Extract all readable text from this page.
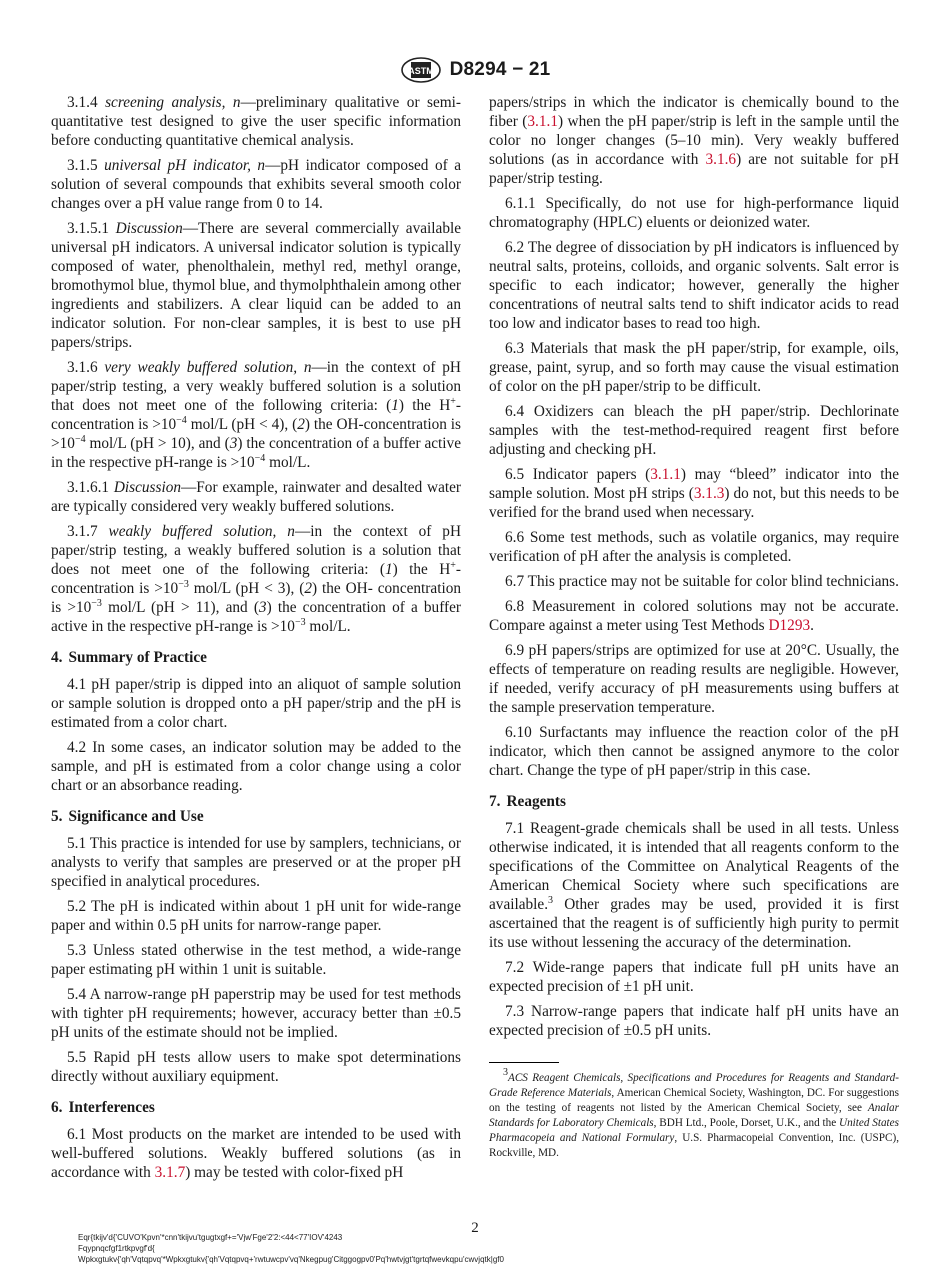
ASTM D8294 − 21

3.1.4 screening analysis, n—preliminary qualitative or semi-quantitative test designed to give the user specific information before conducting quantitative chemical analysis.

3.1.5 universal pH indicator, n—pH indicator composed of a solution of several compounds that exhibits several smooth color changes over a pH value range from 0 to 14.

3.1.5.1 Discussion—There are several commercially available universal pH indicators. A universal indicator solution is typically composed of water, phenolthalein, methyl red, methyl orange, bromothymol blue, thymol blue, and thymolphthalein among other ingredients and stabilizers. A clear liquid can be added to an indicator solution. For non-clear samples, it is best to use pH papers/strips.

3.1.6 very weakly buffered solution, n—in the context of pH paper/strip testing, a very weakly buffered solution is a solution that does not meet one of the following criteria: (1) the H+-concentration is $>10^{-4}$ mol/L (pH < 4), (2) the OH-concentration is $>10^{-4}$ mol/L (pH > 10), and (3) the concentration of a buffer active in the respective pH-range is $>10^{-4}$ mol/L.

3.1.6.1 Discussion—For example, rainwater and desalted water are typically considered very weakly buffered solutions.

3.1.7 weakly buffered solution, n—in the context of pH paper/strip testing, a weakly buffered solution is a solution that does not meet one of the following criteria: (1) the H+-concentration is $>10^{-3}$ mol/L (pH < 3), (2) the OH- concentration is $>10^{-3}$ mol/L (pH > 11), and (3) the concentration of a buffer active in the respective pH-range is $>10^{-3}$ mol/L.

4. Summary of Practice

4.1 pH paper/strip is dipped into an aliquot of sample solution or sample solution is dropped onto a pH paper/strip and the pH is estimated from a color chart.

4.2 In some cases, an indicator solution may be added to the sample, and pH is estimated from a color change using a color chart or an absorbance reading.

5. Significance and Use

5.1 This practice is intended for use by samplers, technicians, or analysts to verify that samples are preserved or at the proper pH specified in analytical procedures.

5.2 The pH is indicated within about 1 pH unit for wide-range paper and within 0.5 pH units for narrow-range paper.

5.3 Unless stated otherwise in the test method, a wide-range paper estimating pH within 1 unit is suitable.

5.4 A narrow-range pH paperstrip may be used for test methods with tighter pH requirements; however, accuracy better than ±0.5 pH units of the estimate should not be implied.

5.5 Rapid pH tests allow users to make spot determinations directly without auxiliary equipment.

6. Interferences

6.1 Most products on the market are intended to be used with well-buffered solutions. Weakly buffered solutions (as in accordance with 3.1.7) may be tested with color-fixed pH

papers/strips in which the indicator is chemically bound to the fiber (3.1.1) when the pH paper/strip is left in the sample until the color no longer changes (5–10 min). Very weakly buffered solutions (as in accordance with 3.1.6) are not suitable for pH paper/strip testing.

6.1.1 Specifically, do not use for high-performance liquid chromatography (HPLC) eluents or deionized water.

6.2 The degree of dissociation by pH indicators is influenced by neutral salts, proteins, colloids, and organic solvents. Salt error is specific to each indicator; however, generally the higher concentrations of neutral salts tend to shift indicator acids to read too low and indicator bases to read too high.

6.3 Materials that mask the pH paper/strip, for example, oils, grease, paint, syrup, and so forth may cause the visual estimation of color on the pH paper/strip to be difficult.

6.4 Oxidizers can bleach the pH paper/strip. Dechlorinate samples with the test-method-required reagent first before adjusting and checking pH.

6.5 Indicator papers (3.1.1) may “bleed” indicator into the sample solution. Most pH strips (3.1.3) do not, but this needs to be verified for the brand used when necessary.

6.6 Some test methods, such as volatile organics, may require verification of pH after the analysis is completed.

6.7 This practice may not be suitable for color blind technicians.

6.8 Measurement in colored solutions may not be accurate. Compare against a meter using Test Methods D1293.

6.9 pH papers/strips are optimized for use at 20°C. Usually, the effects of temperature on reading results are negligible. However, if needed, verify accuracy of pH measurements using buffers at the sample preservation temperature.

6.10 Surfactants may influence the reaction color of the pH indicator, which then cannot be assigned anymore to the color chart. Change the type of pH paper/strip in this case.

7. Reagents

7.1 Reagent-grade chemicals shall be used in all tests. Unless otherwise indicated, it is intended that all reagents conform to the specifications of the Committee on Analytical Reagents of the American Chemical Society where such specifications are available.$^3$ Other grades may be used, provided it is first ascertained that the reagent is of sufficiently high purity to permit its use without lessening the accuracy of the determination.

7.2 Wide-range papers that indicate full pH units have an expected precision of ±1 pH unit.

7.3 Narrow-range papers that indicate half pH units have an expected precision of ±0.5 pH units.

$^3$ACS Reagent Chemicals, Specifications and Procedures for Reagents and Standard-Grade Reference Materials, American Chemical Society, Washington, DC. For suggestions on the testing of reagents not listed by the American Chemical Society, see Analar Standards for Laboratory Chemicals, BDH Ltd., Poole, Dorset, U.K., and the United States Pharmacopeia and National Formulary, U.S. Pharmacopeial Convention, Inc. (USPC), Rockville, MD.

2
Eqr{tkijv'd{'CUVO'Kpvn'*cnn'tkijvu'tgugtxgf+='Vjw'Fge'2'2:<44<77'IOV'4243
Fqypnqcfgf1rtkpvgf'd{
Wpkxgtukv{'qh'Vqtqpvq'*Wpkxgtukv{'qh'Vqtqpvq+'rwtuwcpv'vq'Nkegpug'Citggogpv0'Pq'hwtvjgt'tgrtqfwevkqpu'cwvjqtk|gf0
